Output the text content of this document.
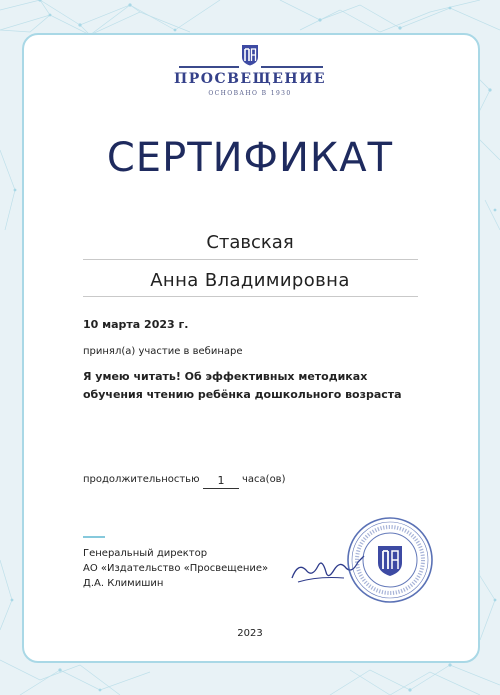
ПРОСВЕЩЕНИЕ
ОСНОВАНО В 1930
СЕРТИФИКАТ
Ставская
Анна Владимировна
10 марта 2023 г.
принял(а) участие в вебинаре
Я умею читать! Об эффективных методиках обучения чтению ребёнка дошкольного возраста
продолжительностью	1	часа(ов)
Генеральный директор
АО «Издательство «Просвещение»
Д.А. Климишин
2023
